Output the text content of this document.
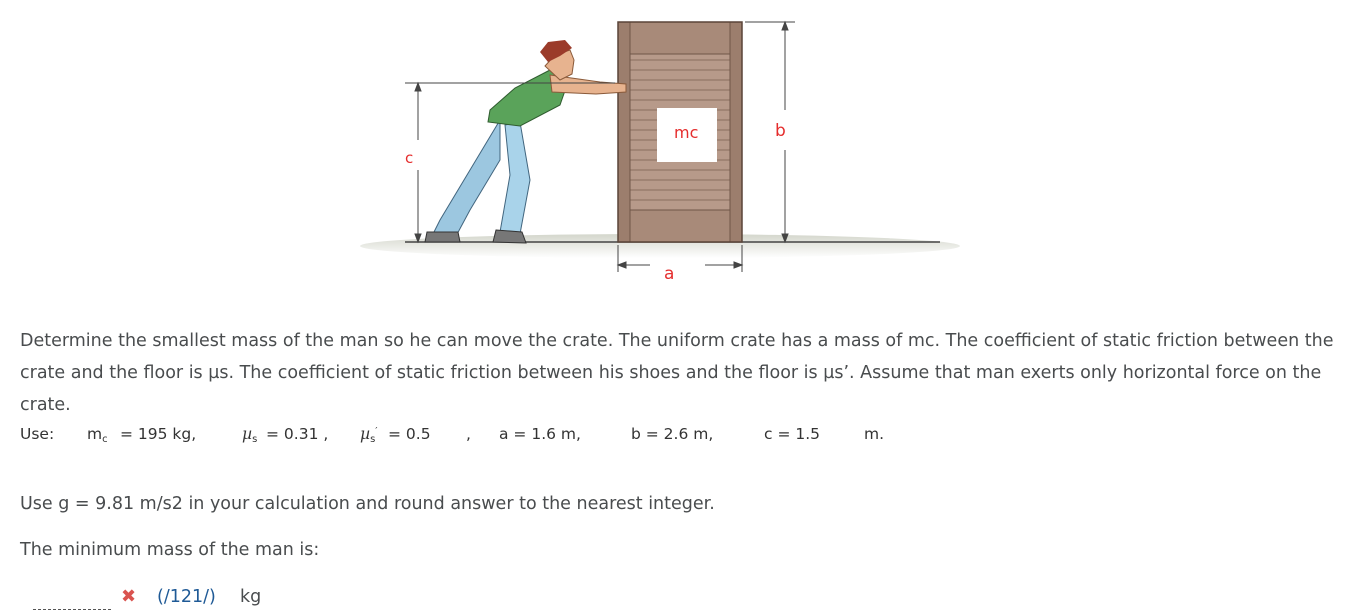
mc	b
c
a
Determine the smallest mass of the man so he can move the crate. The uniform crate has a mass of mc. The coefficient of static friction between the crate and the floor is µs. The coefficient of static friction between his shoes and the floor is µs’. Assume that man exerts only horizontal force on the crate.
Use: $m_c = 195$ kg,	µ$_s$ = 0.31 , µ$_s$′ = 0.5 , a = 1.6 m,	b = 2.6 m,	c = 1.5	m.
Use g = 9.81 m/s2 in your calculation and round answer to the nearest integer.
The minimum mass of the man is:
✖ (/121/) kg
